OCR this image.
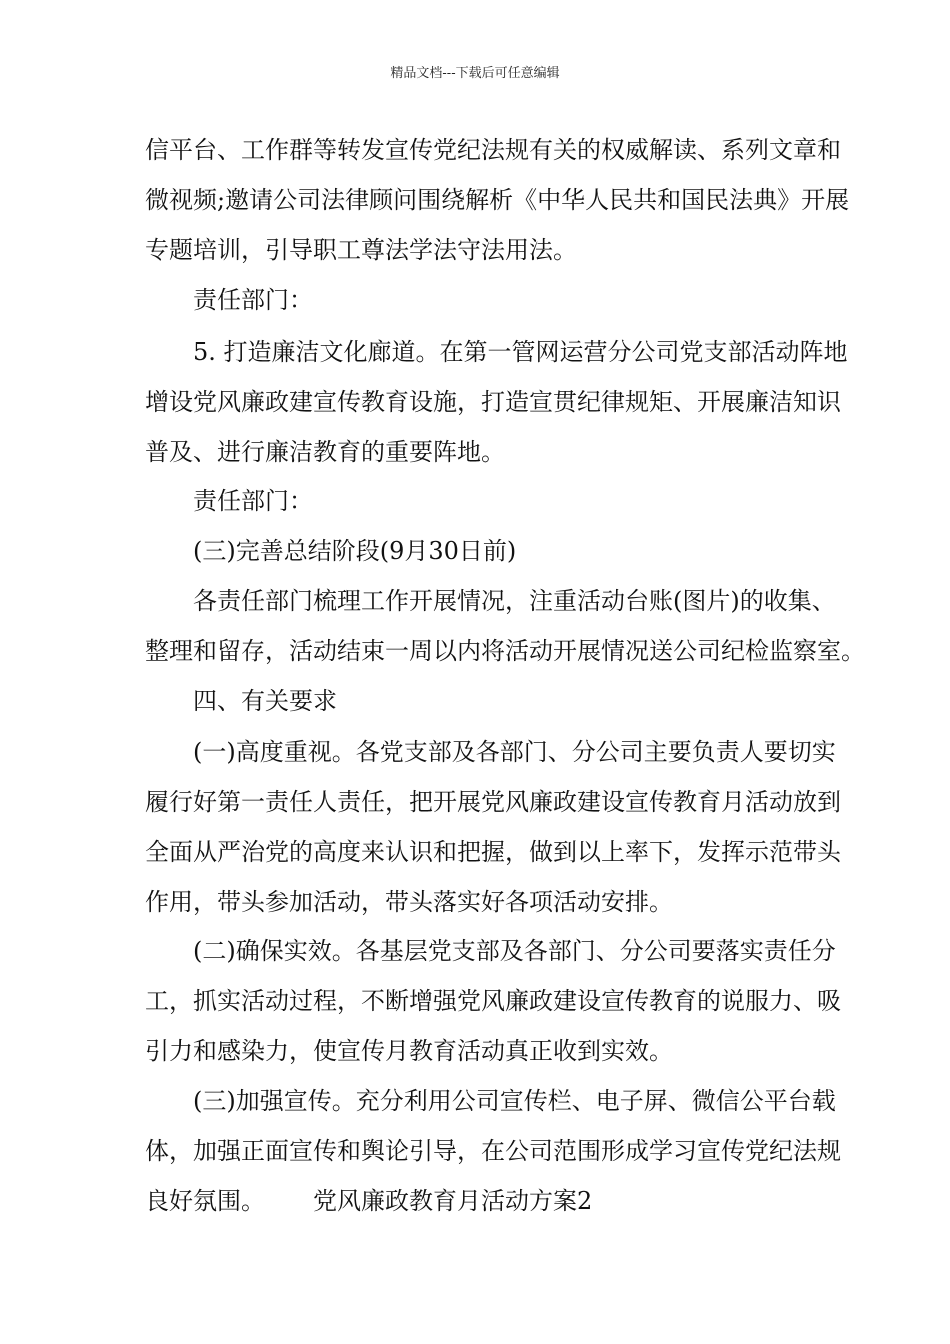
精品文档---下载后可任意编辑
信平台、工作群等转发宣传党纪法规有关的权威解读、系列文章和
微视频;邀请公司法律顾问围绕解析《中华人民共和国民法典》开展
专题培训，引导职工尊法学法守法用法。
责任部门：
5. 打造廉洁文化廊道。在第一管网运营分公司党支部活动阵地
增设党风廉政建宣传教育设施，打造宣贯纪律规矩、开展廉洁知识
普及、进行廉洁教育的重要阵地。
责任部门：
(三)完善总结阶段(9月30日前)
各责任部门梳理工作开展情况，注重活动台账(图片)的收集、
整理和留存，活动结束一周以内将活动开展情况送公司纪检监察室。
四、有关要求
(一)高度重视。各党支部及各部门、分公司主要负责人要切实
履行好第一责任人责任，把开展党风廉政建设宣传教育月活动放到
全面从严治党的高度来认识和把握，做到以上率下，发挥示范带头
作用，带头参加活动，带头落实好各项活动安排。
(二)确保实效。各基层党支部及各部门、分公司要落实责任分
工，抓实活动过程，不断增强党风廉政建设宣传教育的说服力、吸
引力和感染力，使宣传月教育活动真正收到实效。
(三)加强宣传。充分利用公司宣传栏、电子屏、微信公平台载
体，加强正面宣传和舆论引导，在公司范围形成学习宣传党纪法规
良好氛围。 党风廉政教育月活动方案2
